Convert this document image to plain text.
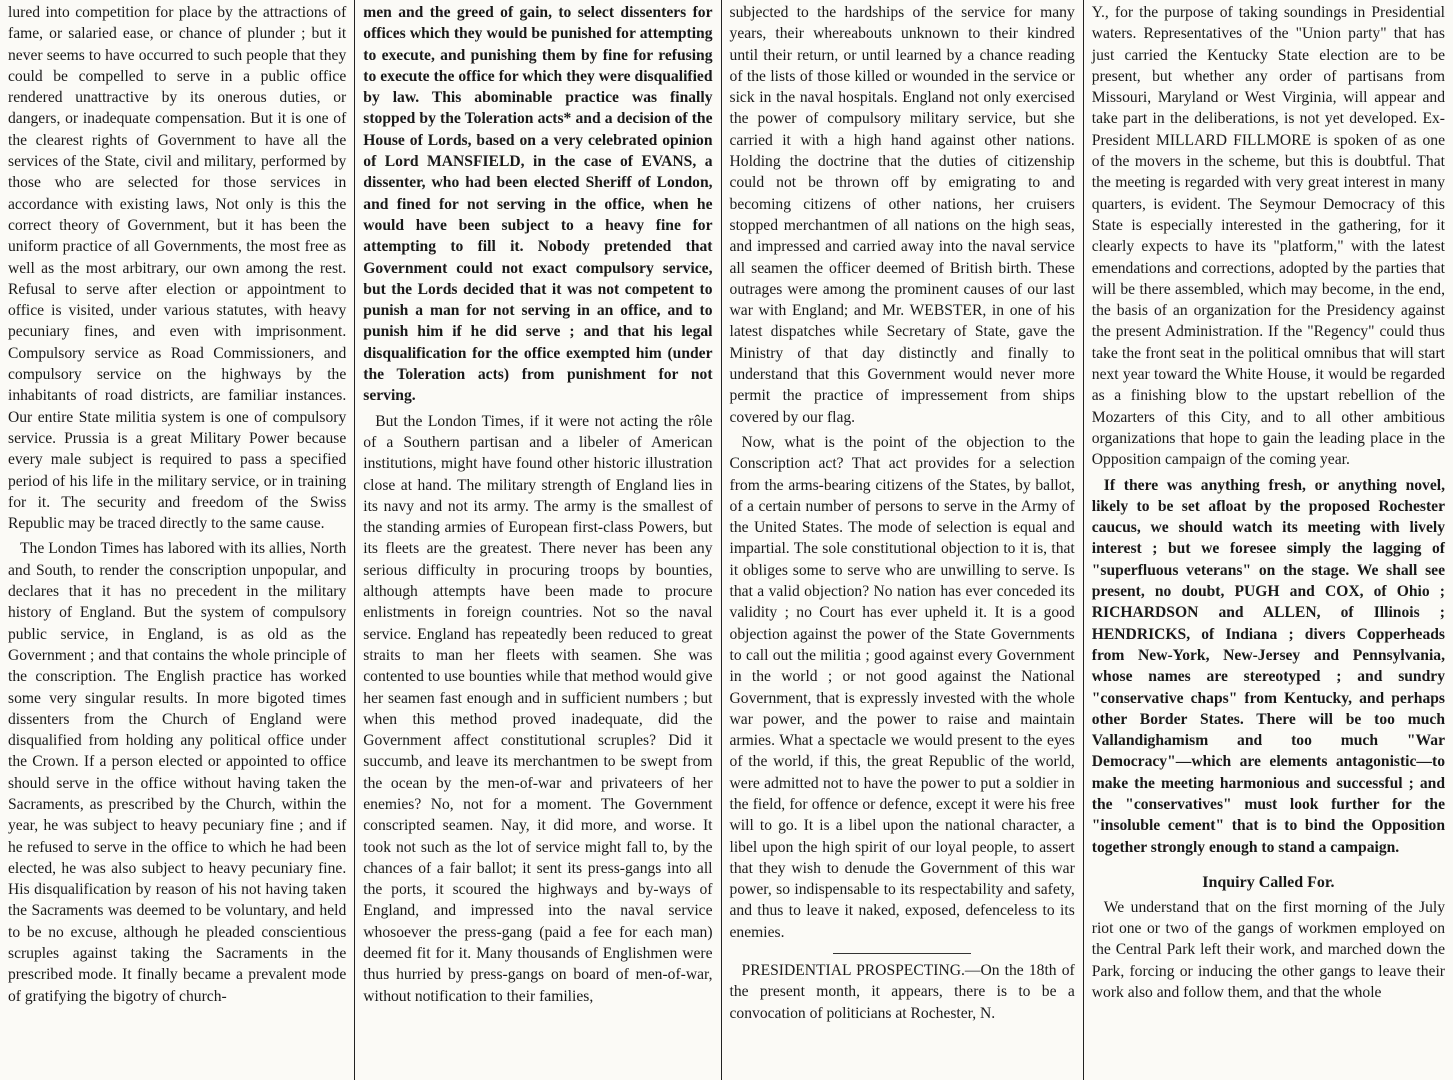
lured into competition for place by the attractions of fame, or salaried ease, or chance of plunder ; but it never seems to have occurred to such people that they could be compelled to serve in a public office rendered unattractive by its onerous duties, or dangers, or inadequate compensation. But it is one of the clearest rights of Government to have all the services of the State, civil and military, performed by those who are selected for those services in accordance with existing laws, Not only is this the correct theory of Government, but it has been the uniform practice of all Governments, the most free as well as the most arbitrary, our own among the rest. Refusal to serve after election or appointment to office is visited, under various statutes, with heavy pecuniary fines, and even with imprisonment. Compulsory service as Road Commissioners, and compulsory service on the highways by the inhabitants of road districts, are familiar instances. Our entire State militia system is one of compulsory service. Prussia is a great Military Power because every male subject is required to pass a specified period of his life in the military service, or in training for it. The security and freedom of the Swiss Republic may be traced directly to the same cause.

The London Times has labored with its allies, North and South, to render the conscription unpopular, and declares that it has no precedent in the military history of England. But the system of compulsory public service, in England, is as old as the Government ; and that contains the whole principle of the conscription. The English practice has worked some very singular results. In more bigoted times dissenters from the Church of England were disqualified from holding any political office under the Crown. If a person elected or appointed to office should serve in the office without having taken the Sacraments, as prescribed by the Church, within the year, he was subject to heavy pecuniary fine ; and if he refused to serve in the office to which he had been elected, he was also subject to heavy pecuniary fine. His disqualification by reason of his not having taken the Sacraments was deemed to be voluntary, and held to be no excuse, although he pleaded conscientious scruples against taking the Sacraments in the prescribed mode. It finally became a prevalent mode of gratifying the bigotry of church-

men and the greed of gain, to select dissenters for offices which they would be punished for attempting to execute, and punishing them by fine for refusing to execute the office for which they were disqualified by law. This abominable practice was finally stopped by the Toleration acts* and a decision of the House of Lords, based on a very celebrated opinion of Lord MANSFIELD, in the case of EVANS, a dissenter, who had been elected Sheriff of London, and fined for not serving in the office, when he would have been subject to a heavy fine for attempting to fill it. Nobody pretended that Government could not exact compulsory service, but the Lords decided that it was not competent to punish a man for not serving in an office, and to punish him if he did serve ; and that his legal disqualification for the office exempted him (under the Toleration acts) from punishment for not serving.

But the London Times, if it were not acting the rôle of a Southern partisan and a libeler of American institutions, might have found other historic illustration close at hand. The military strength of England lies in its navy and not its army. The army is the smallest of the standing armies of European first-class Powers, but its fleets are the greatest. There never has been any serious difficulty in procuring troops by bounties, although attempts have been made to procure enlistments in foreign countries. Not so the naval service. England has repeatedly been reduced to great straits to man her fleets with seamen. She was contented to use bounties while that method would give her seamen fast enough and in sufficient numbers ; but when this method proved inadequate, did the Government affect constitutional scruples? Did it succumb, and leave its merchantmen to be swept from the ocean by the men-of-war and privateers of her enemies? No, not for a moment. The Government conscripted seamen. Nay, it did more, and worse. It took not such as the lot of service might fall to, by the chances of a fair ballot; it sent its press-gangs into all the ports, it scoured the highways and by-ways of England, and impressed into the naval service whosoever the press-gang (paid a fee for each man) deemed fit for it. Many thousands of Englishmen were thus hurried by press-gangs on board of men-of-war, without notification to their families,

subjected to the hardships of the service for many years, their whereabouts unknown to their kindred until their return, or until learned by a chance reading of the lists of those killed or wounded in the service or sick in the naval hospitals. England not only exercised the power of compulsory military service, but she carried it with a high hand against other nations. Holding the doctrine that the duties of citizenship could not be thrown off by emigrating to and becoming citizens of other nations, her cruisers stopped merchantmen of all nations on the high seas, and impressed and carried away into the naval service all seamen the officer deemed of British birth. These outrages were among the prominent causes of our last war with England; and Mr. WEBSTER, in one of his latest dispatches while Secretary of State, gave the Ministry of that day distinctly and finally to understand that this Government would never more permit the practice of impressement from ships covered by our flag.

Now, what is the point of the objection to the Conscription act? That act provides for a selection from the arms-bearing citizens of the States, by ballot, of a certain number of persons to serve in the Army of the United States. The mode of selection is equal and impartial. The sole constitutional objection to it is, that it obliges some to serve who are unwilling to serve. Is that a valid objection? No nation has ever conceded its validity ; no Court has ever upheld it. It is a good objection against the power of the State Governments to call out the militia ; good against every Government in the world ; or not good against the National Government, that is expressly invested with the whole war power, and the power to raise and maintain armies. What a spectacle we would present to the eyes of the world, if this, the great Republic of the world, were admitted not to have the power to put a soldier in the field, for offence or defence, except it were his free will to go. It is a libel upon the national character, a libel upon the high spirit of our loyal people, to assert that they wish to denude the Government of this war power, so indispensable to its respectability and safety, and thus to leave it naked, exposed, defenceless to its enemies.

PRESIDENTIAL PROSPECTING.—On the 18th of the present month, it appears, there is to be a convocation of politicians at Rochester, N.

Y., for the purpose of taking soundings in Presidential waters. Representatives of the "Union party" that has just carried the Kentucky State election are to be present, but whether any order of partisans from Missouri, Maryland or West Virginia, will appear and take part in the deliberations, is not yet developed. Ex-President MILLARD FILLMORE is spoken of as one of the movers in the scheme, but this is doubtful. That the meeting is regarded with very great interest in many quarters, is evident. The Seymour Democracy of this State is especially interested in the gathering, for it clearly expects to have its "platform," with the latest emendations and corrections, adopted by the parties that will be there assembled, which may become, in the end, the basis of an organization for the Presidency against the present Administration. If the "Regency" could thus take the front seat in the political omnibus that will start next year toward the White House, it would be regarded as a finishing blow to the upstart rebellion of the Mozarters of this City, and to all other ambitious organizations that hope to gain the leading place in the Opposition campaign of the coming year.

If there was anything fresh, or anything novel, likely to be set afloat by the proposed Rochester caucus, we should watch its meeting with lively interest ; but we foresee simply the lagging of "superfluous veterans" on the stage. We shall see present, no doubt, PUGH and COX, of Ohio ; RICHARDSON and ALLEN, of Illinois ; HENDRICKS, of Indiana ; divers Copperheads from New-York, New-Jersey and Pennsylvania, whose names are stereotyped ; and sundry "conservative chaps" from Kentucky, and perhaps other Border States. There will be too much Vallandighamism and too much "War Democracy"—which are elements antagonistic—to make the meeting harmonious and successful ; and the "conservatives" must look further for the "insoluble cement" that is to bind the Opposition together strongly enough to stand a campaign.

Inquiry Called For.

We understand that on the first morning of the July riot one or two of the gangs of workmen employed on the Central Park left their work, and marched down the Park, forcing or inducing the other gangs to leave their work also and follow them, and that the whole
